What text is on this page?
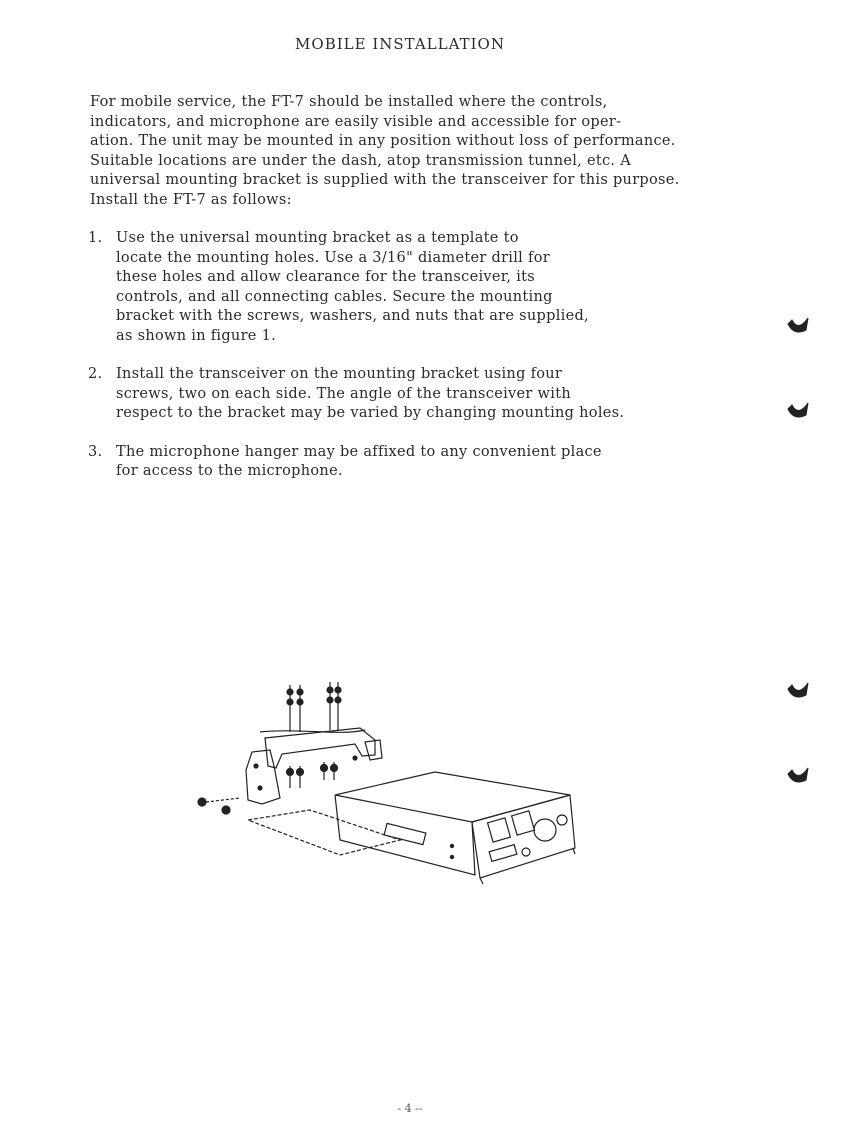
MOBILE INSTALLATION
For mobile service, the FT-7 should be installed where the controls,
indicators, and microphone are easily visible and accessible for oper-
ation. The unit may be mounted in any position without loss of performance.
Suitable locations are under the dash, atop transmission tunnel, etc. A
universal mounting bracket is supplied with the transceiver for this purpose.
Install the FT-7 as follows:
1. Use the universal mounting bracket as a template to
locate the mounting holes. Use a 3/16" diameter drill for
these holes and allow clearance for the transceiver, its
controls, and all connecting cables. Secure the mounting
bracket with the screws, washers, and nuts that are supplied,
as shown in figure 1.
2. Install the transceiver on the mounting bracket using four
screws, two on each side. The angle of the transceiver with
respect to the bracket may be varied by changing mounting holes.
3. The microphone hanger may be affixed to any convenient place
for access to the microphone.
- 4 --
